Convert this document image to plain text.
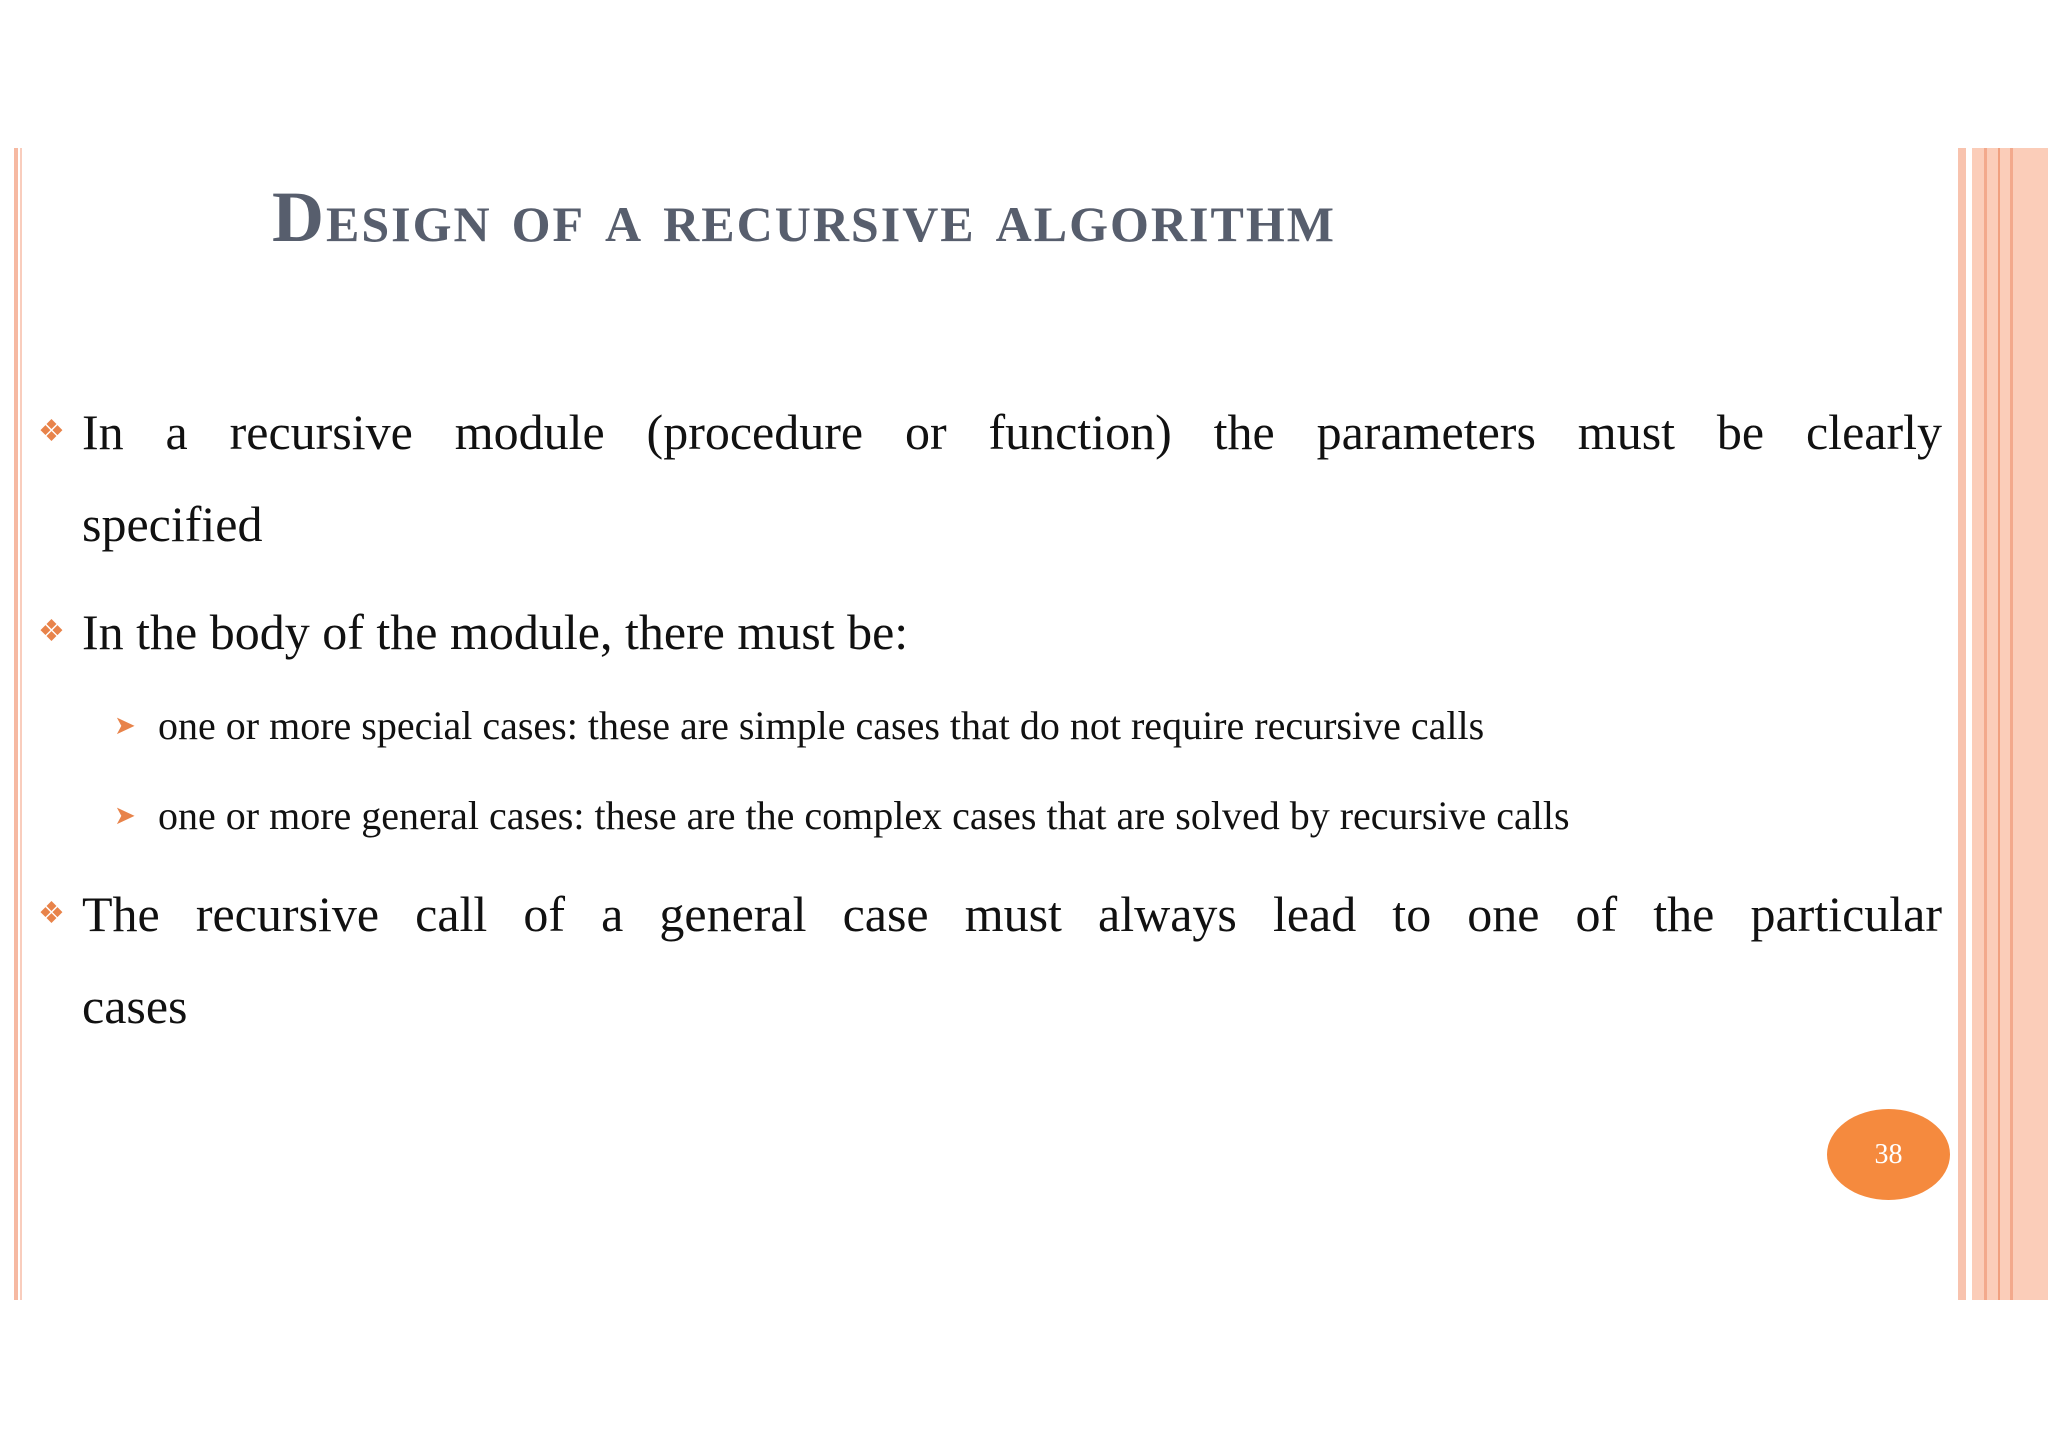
Design of a recursive algorithm
❖ In a recursive module (procedure or function) the parameters must be clearly
specified
❖ In the body of the module, there must be:
➤ one or more special cases: these are simple cases that do not require recursive calls
➤ one or more general cases: these are the complex cases that are solved by recursive calls
❖ The recursive call of a general case must always lead to one of the particular
cases
38
